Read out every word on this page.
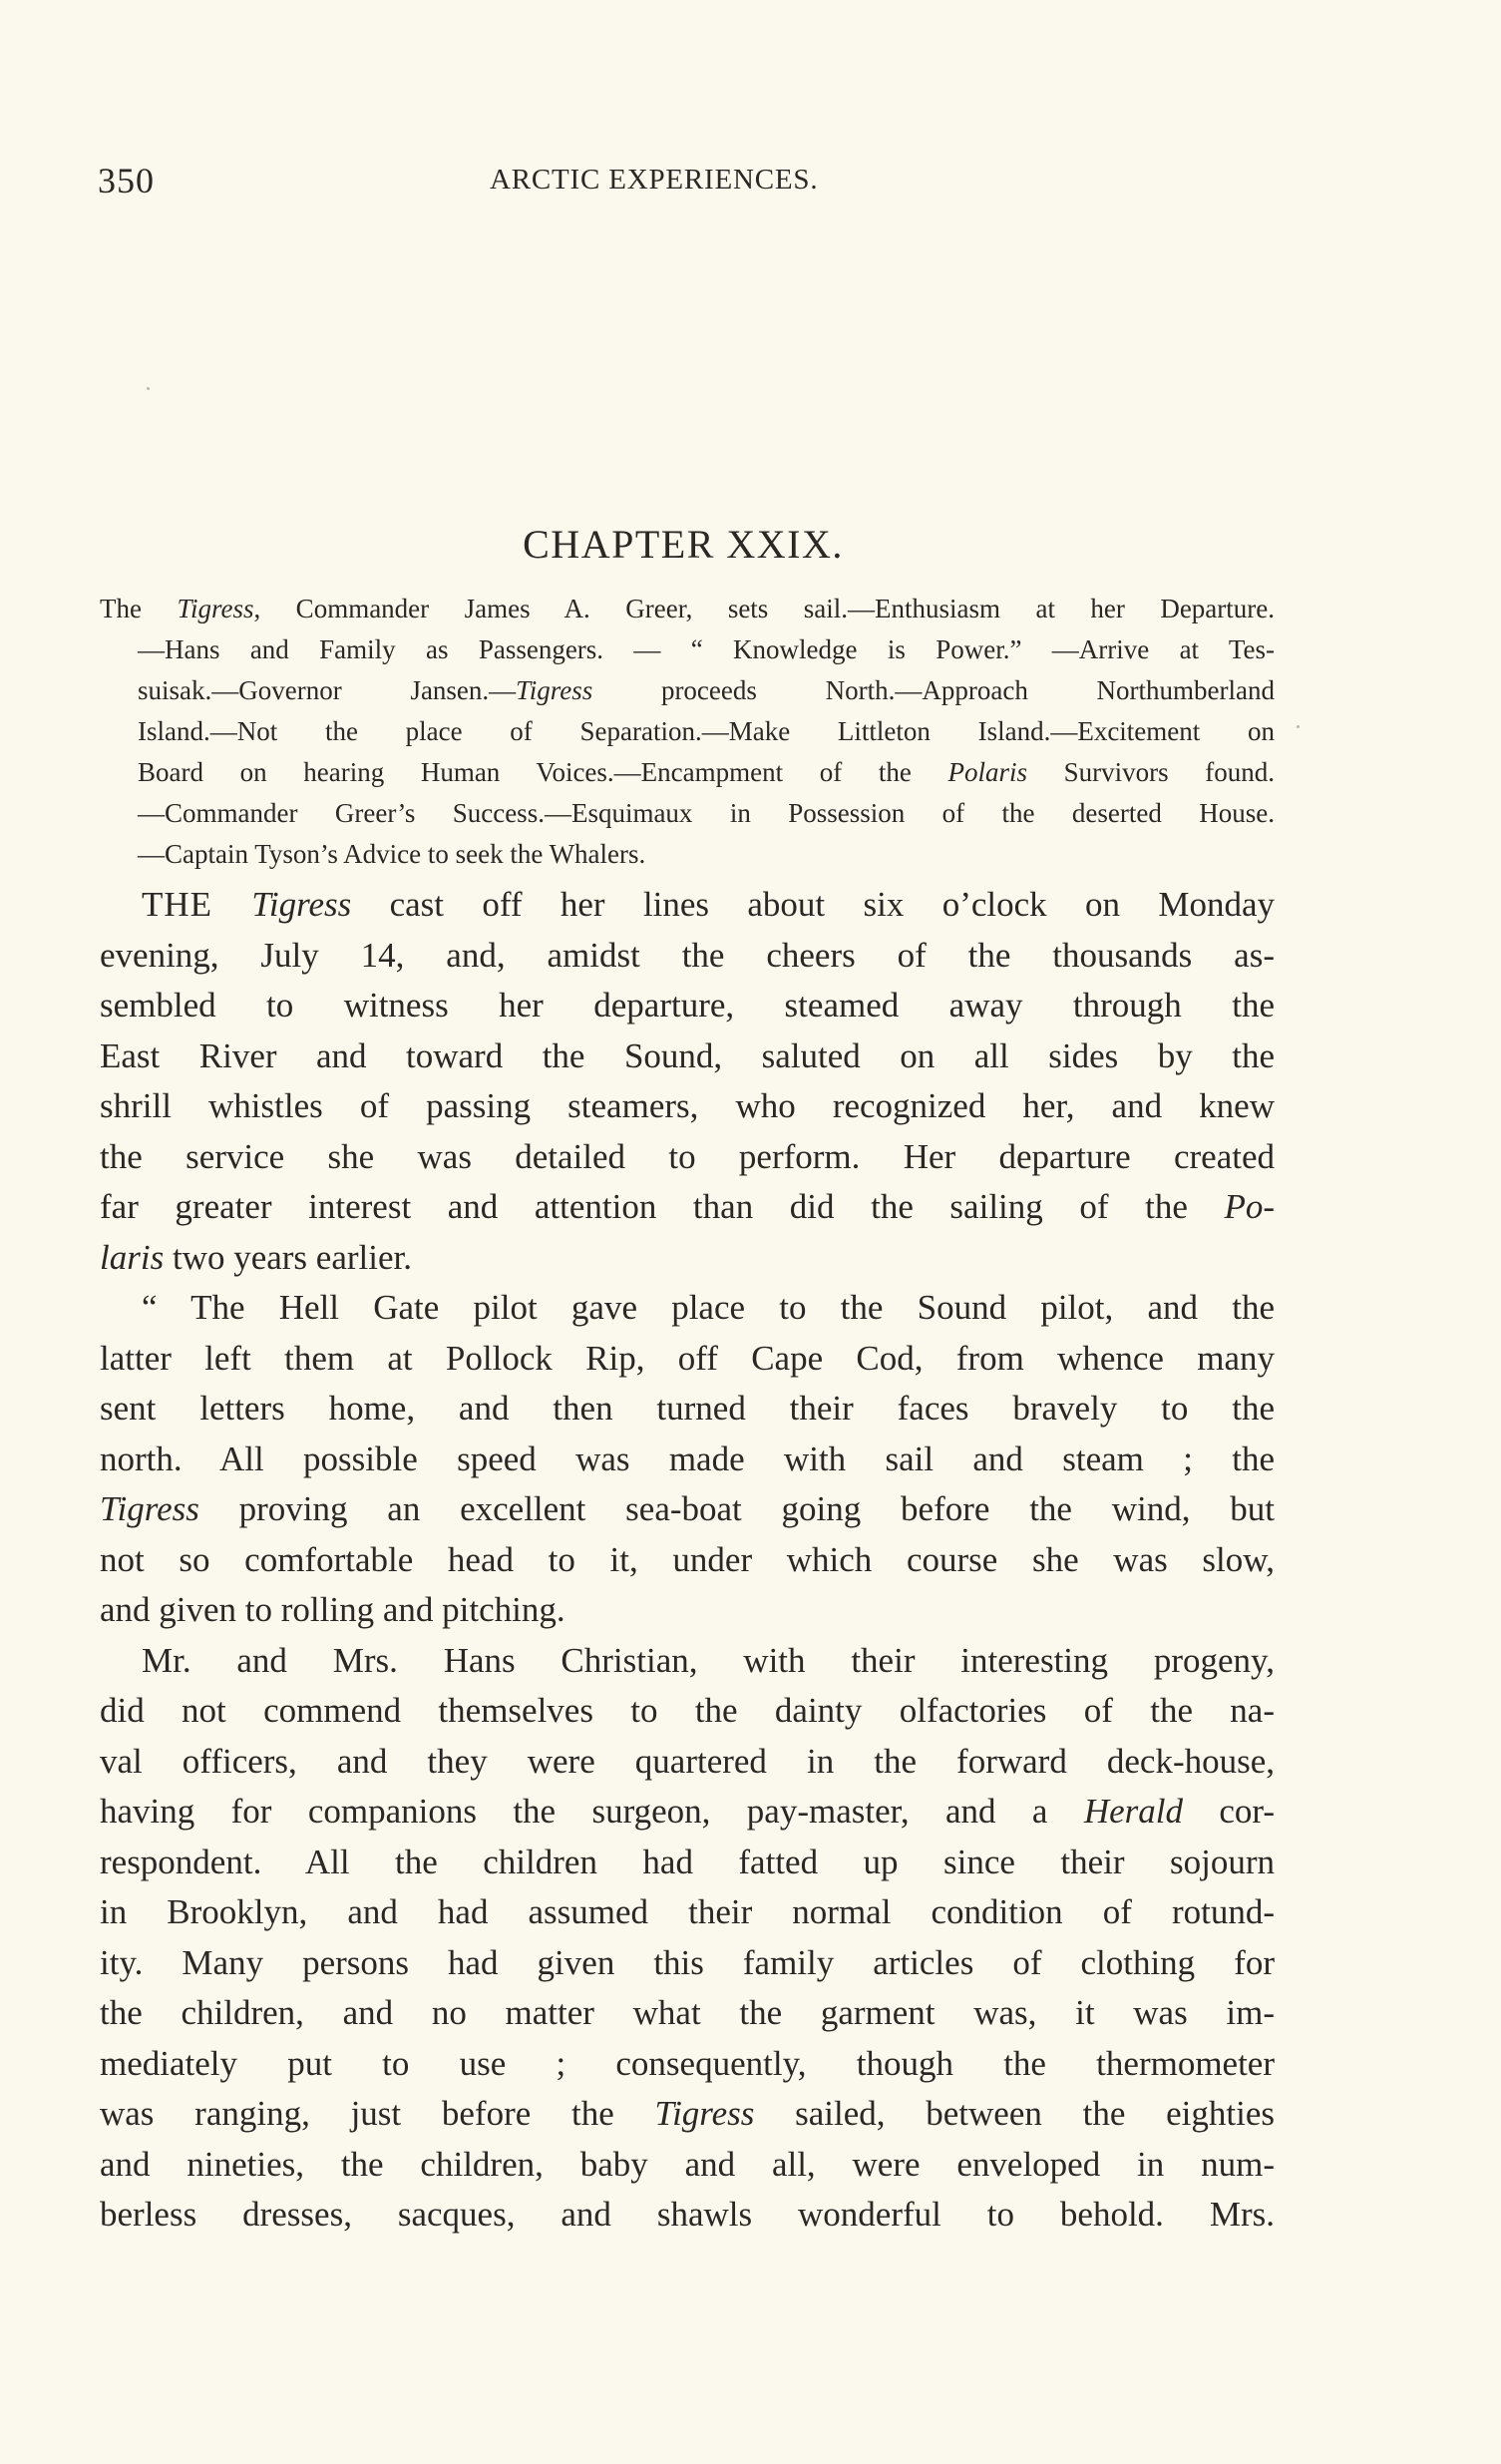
350	ARCTIC EXPERIENCES.
CHAPTER XXIX.
The Tigress, Commander James A. Greer, sets sail.—Enthusiasm at her Departure.
—Hans and Family as Passengers. — “ Knowledge is Power.” —Arrive at Tes-
suisak.—Governor Jansen.—Tigress proceeds North.—Approach Northumberland
Island.—Not the place of Separation.—Make Littleton Island.—Excitement on
Board on hearing Human Voices.—Encampment of the Polaris Survivors found.
—Commander Greer’s Success.—Esquimaux in Possession of the deserted House.
—Captain Tyson’s Advice to seek the Whalers.
THE Tigress cast off her lines about six o’clock on Monday
evening, July 14, and, amidst the cheers of the thousands as-
sembled to witness her departure, steamed away through the
East River and toward the Sound, saluted on all sides by the
shrill whistles of passing steamers, who recognized her, and knew
the service she was detailed to perform. Her departure created
far greater interest and attention than did the sailing of the Po-
laris two years earlier.
“ The Hell Gate pilot gave place to the Sound pilot, and the
latter left them at Pollock Rip, off Cape Cod, from whence many
sent letters home, and then turned their faces bravely to the
north. All possible speed was made with sail and steam ; the
Tigress proving an excellent sea-boat going before the wind, but
not so comfortable head to it, under which course she was slow,
and given to rolling and pitching.
Mr. and Mrs. Hans Christian, with their interesting progeny,
did not commend themselves to the dainty olfactories of the na-
val officers, and they were quartered in the forward deck-house,
having for companions the surgeon, pay-master, and a Herald cor-
respondent. All the children had fatted up since their sojourn
in Brooklyn, and had assumed their normal condition of rotund-
ity. Many persons had given this family articles of clothing for
the children, and no matter what the garment was, it was im-
mediately put to use ; consequently, though the thermometer
was ranging, just before the Tigress sailed, between the eighties
and nineties, the children, baby and all, were enveloped in num-
berless dresses, sacques, and shawls wonderful to behold. Mrs.
